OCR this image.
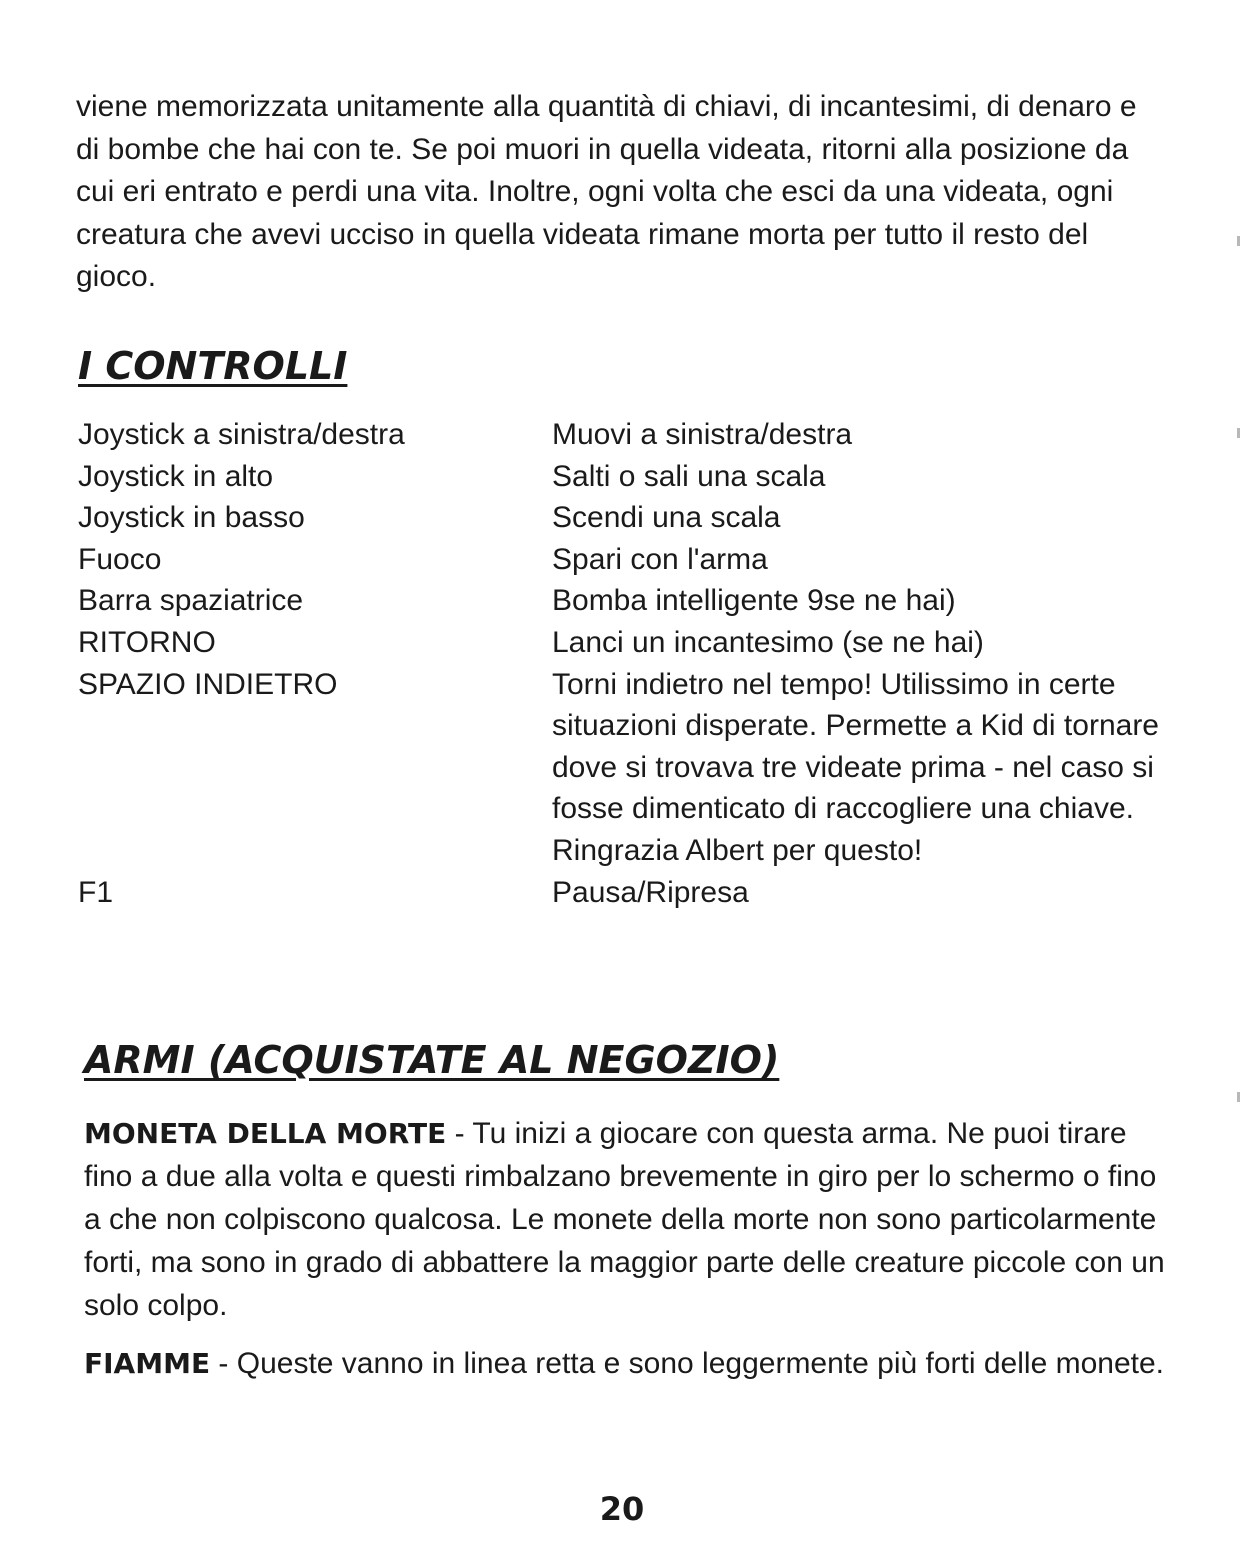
viene memorizzata unitamente alla quantità di chiavi, di incantesimi, di denaro e di bombe che hai con te. Se poi muori in quella videata, ritorni alla posizione da cui eri entrato e perdi una vita. Inoltre, ogni volta che esci da una videata, ogni creatura che avevi ucciso in quella videata rimane morta per tutto il resto del gioco.

I CONTROLLI
Joystick a sinistra/destra	Muovi a sinistra/destra
Joystick in alto	Salti o sali una scala
Joystick in basso	Scendi una scala
Fuoco	Spari con l'arma
Barra spaziatrice	Bomba intelligente 9se ne hai)
RITORNO	Lanci un incantesimo (se ne hai)
SPAZIO INDIETRO	Torni indietro nel tempo! Utilissimo in certe situazioni disperate. Permette a Kid di tornare dove si trovava tre videate prima - nel caso si fosse dimenticato di raccogliere una chiave. Ringrazia Albert per questo!
F1	Pausa/Ripresa
ARMI (ACQUISTATE AL NEGOZIO)

MONETA DELLA MORTE - Tu inizi a giocare con questa arma. Ne puoi tirare fino a due alla volta e questi rimbalzano brevemente in giro per lo schermo o fino a che non colpiscono qualcosa. Le monete della morte non sono particolarmente forti, ma sono in grado di abbattere la maggior parte delle creature piccole con un solo colpo.

FIAMME - Queste vanno in linea retta e sono leggermente più forti delle monete.

20
